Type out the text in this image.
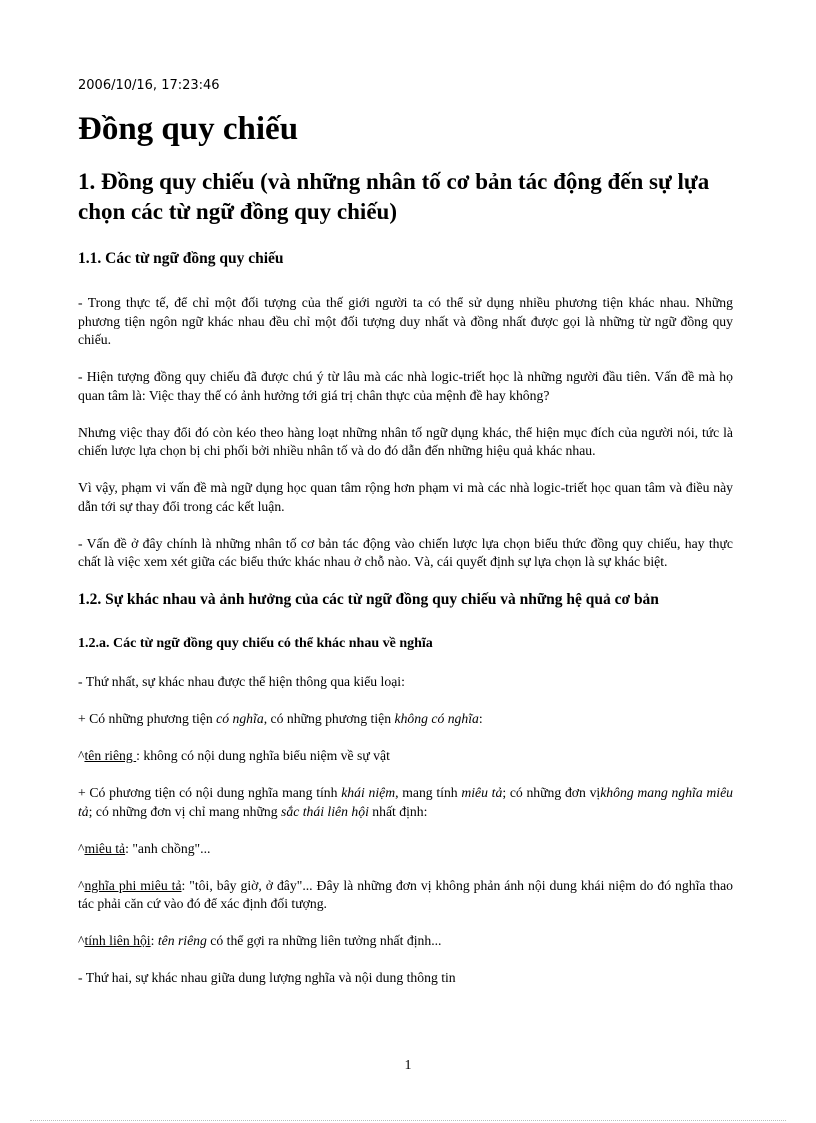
2006/10/16, 17:23:46
Đồng quy chiếu
1. Đồng quy chiếu (và những nhân tố cơ bản tác động đến sự lựa chọn các từ ngữ đồng quy chiếu)
1.1. Các từ ngữ đồng quy chiếu

- Trong thực tế, để chỉ một đối tượng của thế giới người ta có thể sử dụng nhiều phương tiện khác nhau. Những phương tiện ngôn ngữ khác nhau đều chỉ một đối tượng duy nhất và đồng nhất được gọi là những từ ngữ đồng quy chiếu.

- Hiện tượng đồng quy chiếu đã được chú ý từ lâu mà các nhà logic-triết học là những người đầu tiên. Vấn đề mà họ quan tâm là: Việc thay thế có ảnh hưởng tới giá trị chân thực của mệnh đề hay không?

Nhưng việc thay đổi đó còn kéo theo hàng loạt những nhân tố ngữ dụng khác, thể hiện mục đích của người nói, tức là chiến lược lựa chọn bị chi phối bởi nhiều nhân tố và do đó dẫn đến những hiệu quả khác nhau.

Vì vậy, phạm vi vấn đề mà ngữ dụng học quan tâm rộng hơn phạm vi mà các nhà logic-triết học quan tâm và điều này dẫn tới sự thay đổi trong các kết luận.

- Vấn đề ở đây chính là những nhân tố cơ bản tác động vào chiến lược lựa chọn biểu thức đồng quy chiếu, hay thực chất là việc xem xét giữa các biểu thức khác nhau ở chỗ nào. Và, cái quyết định sự lựa chọn là sự khác biệt.

1.2. Sự khác nhau và ảnh hưởng của các từ ngữ đồng quy chiếu và những hệ quả cơ bản
1.2.a. Các từ ngữ đồng quy chiếu có thể khác nhau về nghĩa

- Thứ nhất, sự khác nhau được thể hiện thông qua kiểu loại:

+ Có những phương tiện có nghĩa, có những phương tiện không có nghĩa:

^tên riêng : không có nội dung nghĩa biểu niệm về sự vật

+ Có phương tiện có nội dung nghĩa mang tính khái niệm, mang tính miêu tả; có những đơn vịkhông mang nghĩa miêu tả; có những đơn vị chỉ mang những sắc thái liên hội nhất định:

^miêu tả: "anh chồng"...

^nghĩa phi miêu tả: "tôi, bây giờ, ở đây"... Đây là những đơn vị không phản ánh nội dung khái niệm do đó nghĩa thao tác phải căn cứ vào đó để xác định đối tượng.

^tính liên hội: tên riêng có thể gợi ra những liên tưởng nhất định...

- Thứ hai, sự khác nhau giữa dung lượng nghĩa và nội dung thông tin

1
